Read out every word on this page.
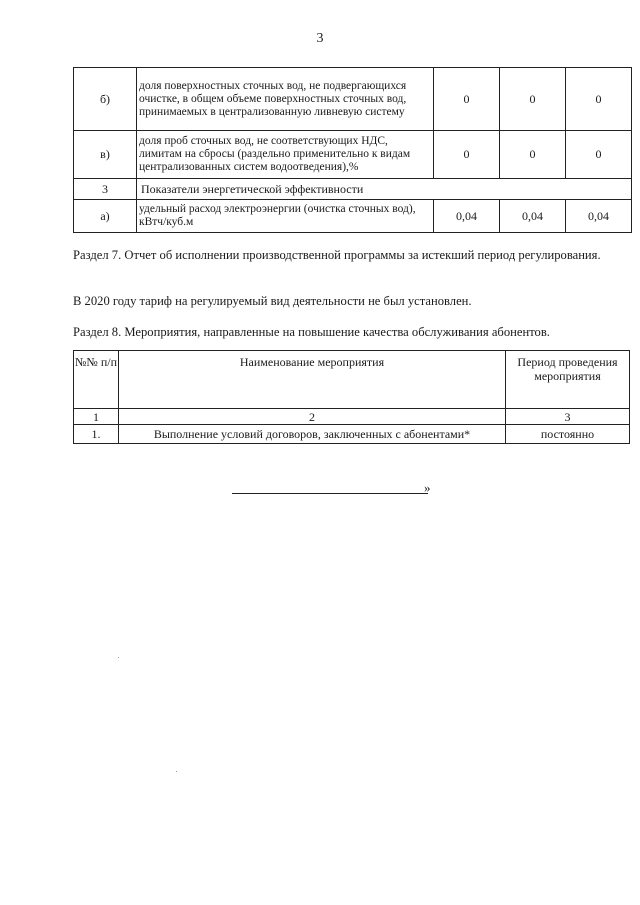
3
б)	доля поверхностных сточных вод, не подвергающихся очистке, в общем объеме поверхностных сточных вод, принимаемых в централизованную ливневую систему	0	0	0
в)	доля проб сточных вод, не соответствующих НДС, лимитам на сбросы (раздельно применительно к видам централизованных систем водоотведения),%	0	0	0
3	Показатели энергетической эффективности			
а)	удельный расход электроэнергии (очистка сточных вод), кВтч/куб.м	0,04	0,04	0,04

Раздел 7. Отчет об исполнении производственной программы за истекший период регулирования.

В 2020 году тариф на регулируемый вид деятельности не был установлен.

Раздел 8. Мероприятия, направленные на повышение качества обслуживания абонентов.

№№ п/п	Наименование мероприятия	Период проведения мероприятия
1	2	3
1.	Выполнение условий договоров, заключенных с абонентами*	постоянно
»
